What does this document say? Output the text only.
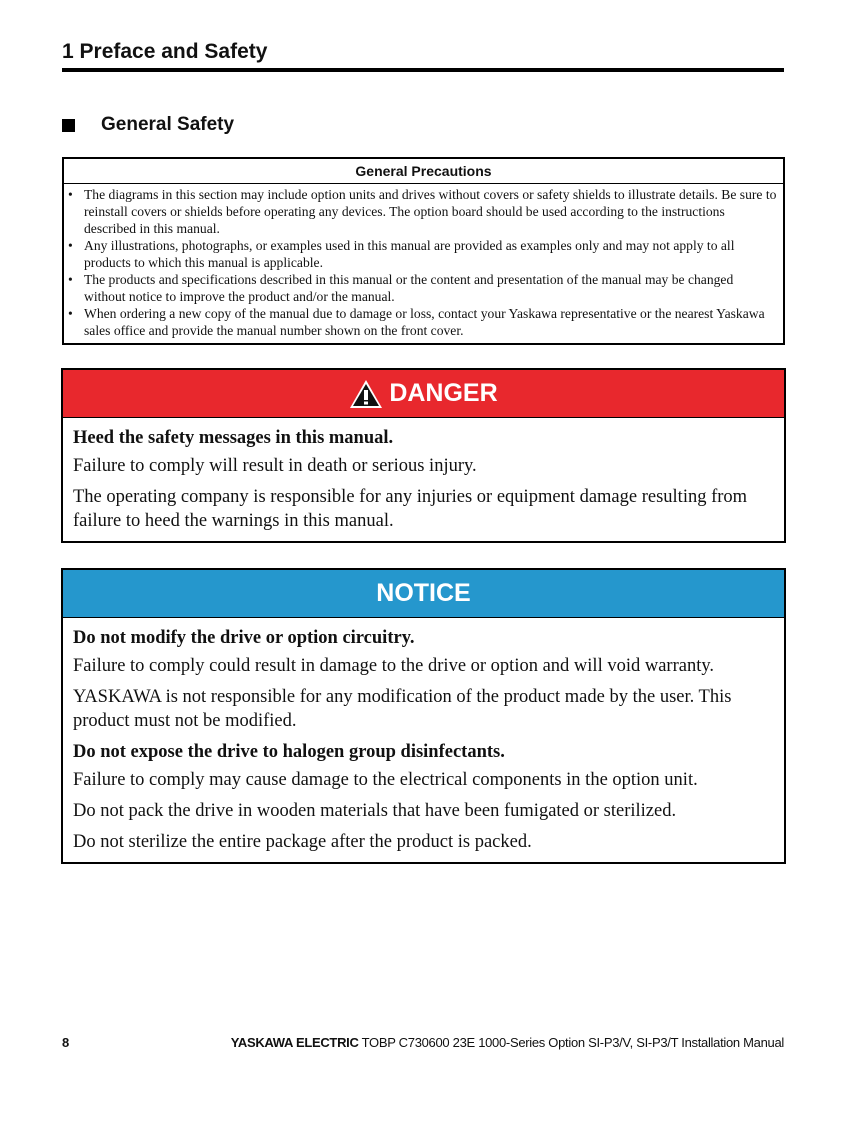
1 Preface and Safety
General Safety
General Precautions
• The diagrams in this section may include option units and drives without covers or safety shields to illustrate details. Be sure to reinstall covers or shields before operating any devices. The option board should be used according to the instructions described in this manual.
• Any illustrations, photographs, or examples used in this manual are provided as examples only and may not apply to all products to which this manual is applicable.
• The products and specifications described in this manual or the content and presentation of the manual may be changed without notice to improve the product and/or the manual.
• When ordering a new copy of the manual due to damage or loss, contact your Yaskawa representative or the nearest Yaskawa sales office and provide the manual number shown on the front cover.
DANGER

Heed the safety messages in this manual.

Failure to comply will result in death or serious injury.

The operating company is responsible for any injuries or equipment damage resulting from failure to heed the warnings in this manual.

NOTICE

Do not modify the drive or option circuitry.

Failure to comply could result in damage to the drive or option and will void warranty.

YASKAWA is not responsible for any modification of the product made by the user. This product must not be modified.

Do not expose the drive to halogen group disinfectants.

Failure to comply may cause damage to the electrical components in the option unit.

Do not pack the drive in wooden materials that have been fumigated or sterilized.

Do not sterilize the entire package after the product is packed.

8	YASKAWA ELECTRIC TOBP C730600 23E 1000-Series Option SI-P3/V, SI-P3/T Installation Manual
